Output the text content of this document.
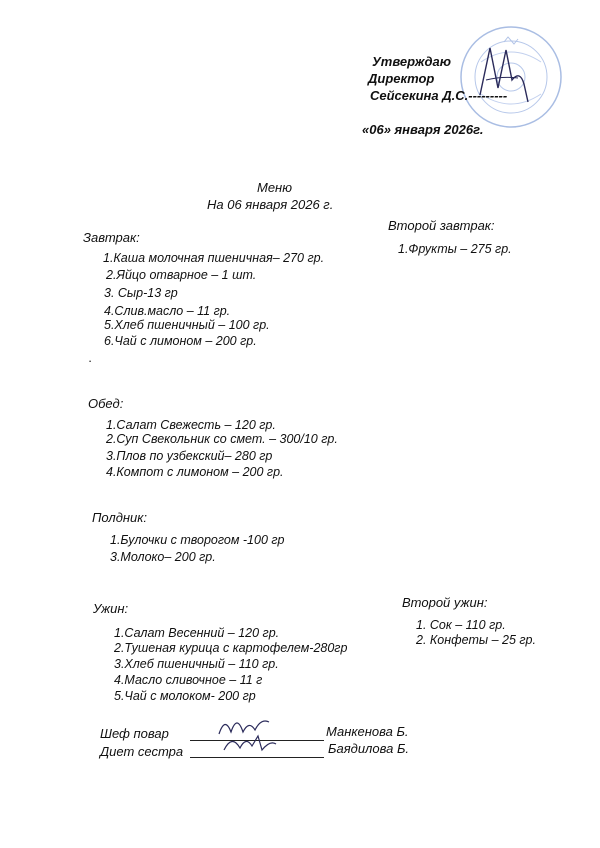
Утверждаю
Директор
Сейсекина Д.С.---------
«06» января 2026г.
Меню
На 06 января 2026 г.
Завтрак:
1.Каша молочная пшеничная– 270 гр.
2.Яйцо отварное – 1 шт.
3. Сыр-13 гр
4.Слив.масло – 11 гр.
5.Хлеб пшеничный – 100 гр.
6.Чай с лимоном – 200 гр.
·
Второй завтрак:
1.Фрукты – 275 гр.
Обед:
1.Салат Свежесть – 120 гр.
2.Суп Свекольник со смет. – 300/10 гр.
3.Плов по узбекский– 280 гр
4.Компот с лимоном – 200 гр.
Полдник:
1.Булочки с творогом -100 гр
3.Молоко– 200 гр.
Ужин:
1.Салат Весенний – 120 гр.
2.Тушеная курица с картофелем-280гр
3.Хлеб пшеничный – 110 гр.
4.Масло сливочное – 11 г
5.Чай с молоком- 200 гр
Второй ужин:
1. Сок – 110 гр.
2. Конфеты – 25 гр.
Шеф повар	Манкенова Б.
Диет сестра	Баядилова Б.
